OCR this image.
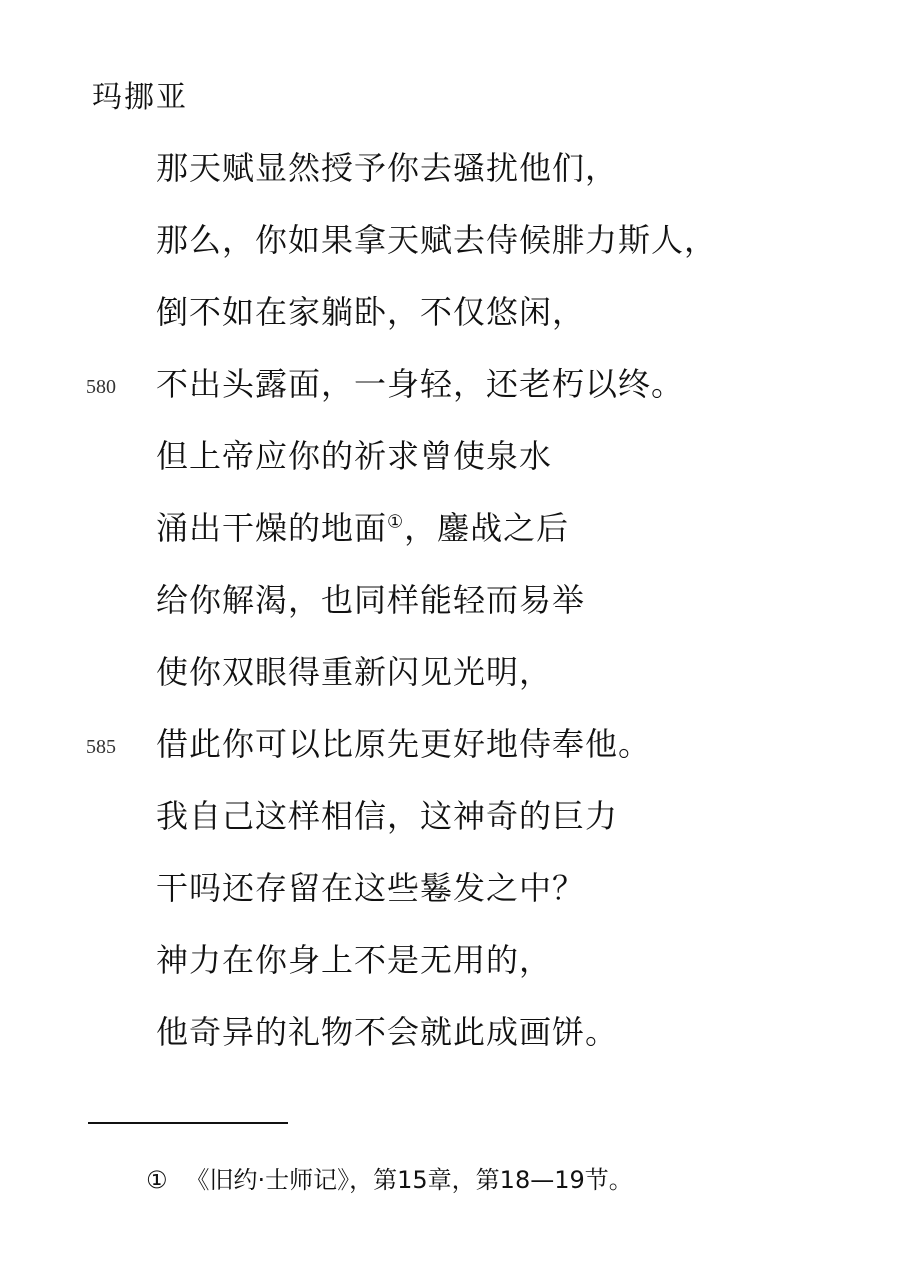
玛挪亚
那天赋显然授予你去骚扰他们，
那么，你如果拿天赋去侍候腓力斯人，
倒不如在家躺卧，不仅悠闲，
580 不出头露面，一身轻，还老朽以终。
但上帝应你的祈求曾使泉水
涌出干燥的地面①，鏖战之后
给你解渴，也同样能轻而易举
使你双眼得重新闪见光明，
585 借此你可以比原先更好地侍奉他。
我自己这样相信，这神奇的巨力
干吗还存留在这些鬈发之中？
神力在你身上不是无用的，
他奇异的礼物不会就此成画饼。
① 《旧约·士师记》，第15章，第18—19节。
